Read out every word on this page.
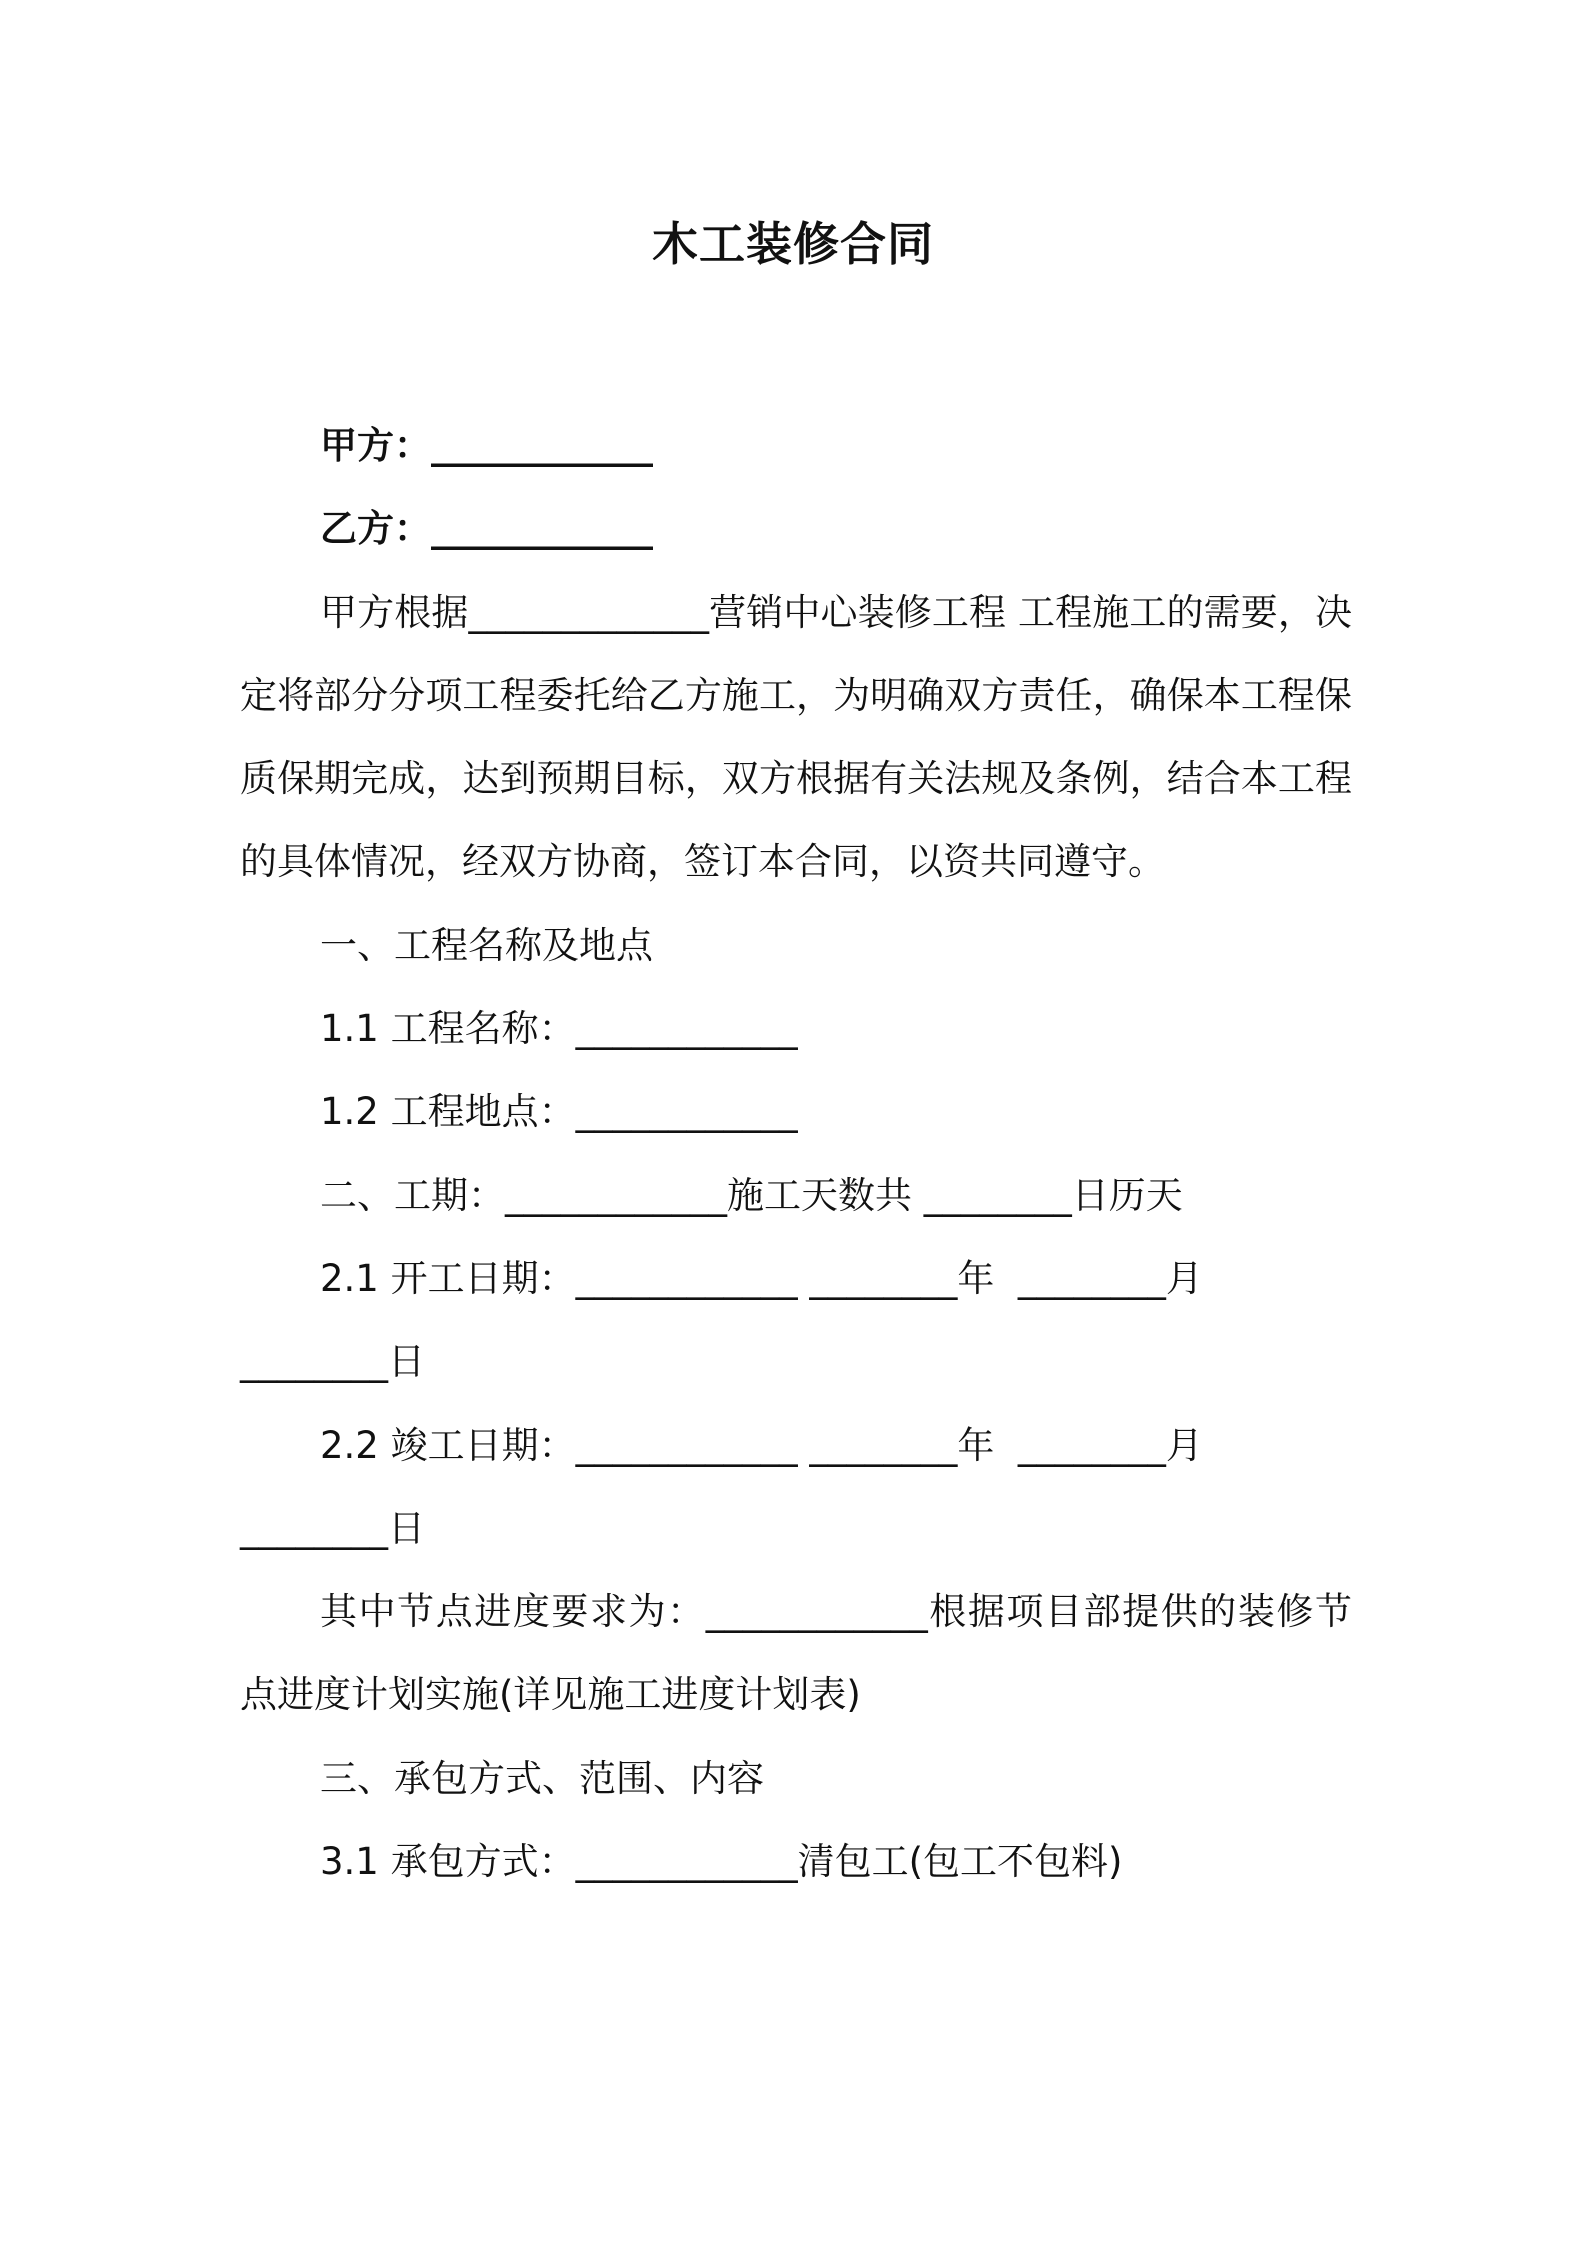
木工装修合同
甲方：____________
乙方：____________
甲方根据_____________营销中心装修工程 工程施工的需要，决定将部分分项工程委托给乙方施工，为明确双方责任，确保本工程保质保期完成，达到预期目标，双方根据有关法规及条例，结合本工程的具体情况，经双方协商，签订本合同，以资共同遵守。
一、工程名称及地点
1.1 工程名称：____________
1.2 工程地点：____________
二、工期：____________施工天数共 ________日历天
2.1 开工日期：____________ ________年  ________月
________日
2.2 竣工日期：____________ ________年  ________月
________日
其中节点进度要求为：____________根据项目部提供的装修节点进度计划实施(详见施工进度计划表)
三、承包方式、范围、内容
3.1 承包方式：____________清包工(包工不包料)
